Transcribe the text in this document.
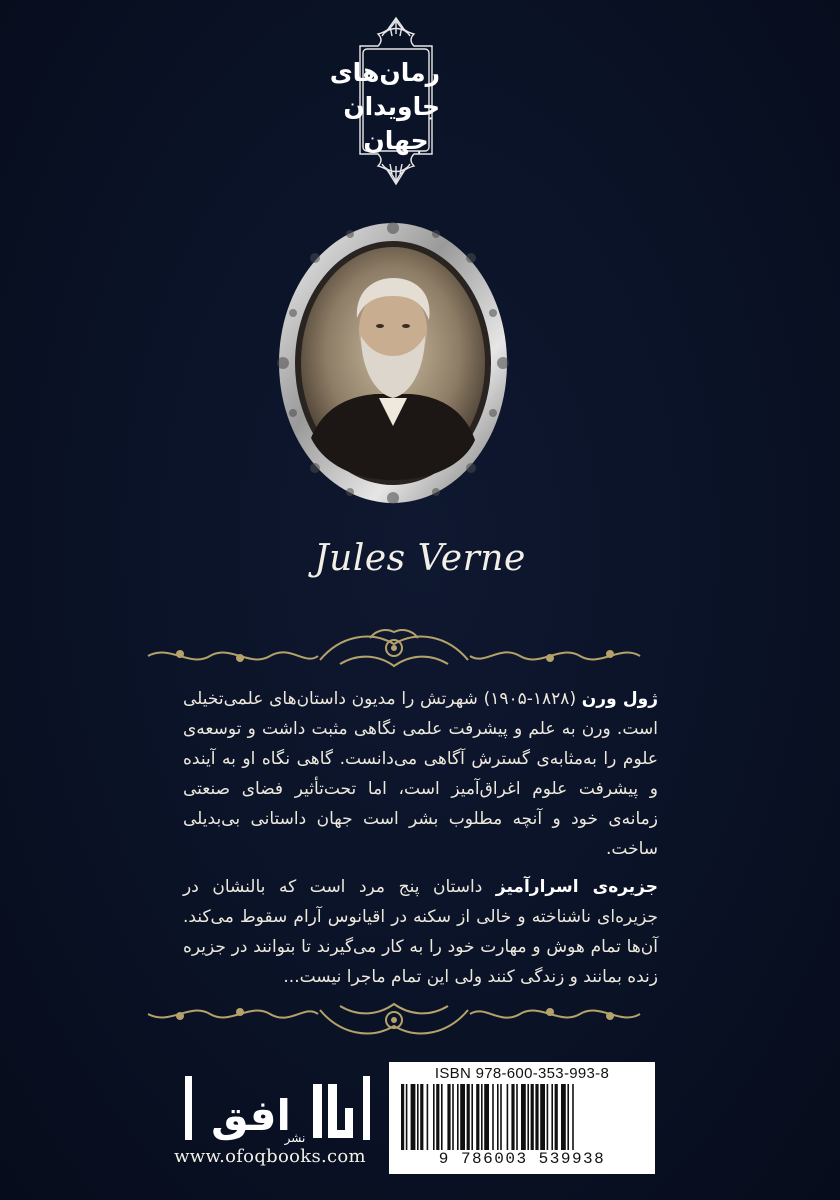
رمان‌های
جاویدان
جهان
Jules Verne
ژول ورن (۱۸۲۸-۱۹۰۵) شهرتش را مدیون داستان‌های علمی‌تخیلی است. ورن به علم و پیشرفت علمی نگاهی مثبت داشت و توسعه‌ی علوم را به‌مثابه‌ی گسترش آگاهی می‌دانست. گاهی نگاه او به آینده و پیشرفت علوم اغراق‌آمیز است، اما تحت‌تأثیر فضای صنعتی زمانه‌ی خود و آنچه مطلوب بشر است جهان داستانی بی‌بدیلی ساخت.
جزیره‌ی اسرارآمیز داستان پنج مرد است که بالنشان در جزیره‌ای ناشناخته و خالی از سکنه در اقیانوس آرام سقوط می‌کند. آن‌ها تمام هوش و مهارت خود را به کار می‌گیرند تا بتوانند در جزیره زنده بمانند و زندگی کنند ولی این تمام ماجرا نیست...
افق
نشر
www.ofoqbooks.com
ISBN 978-600-353-993-8
9 786003 539938
